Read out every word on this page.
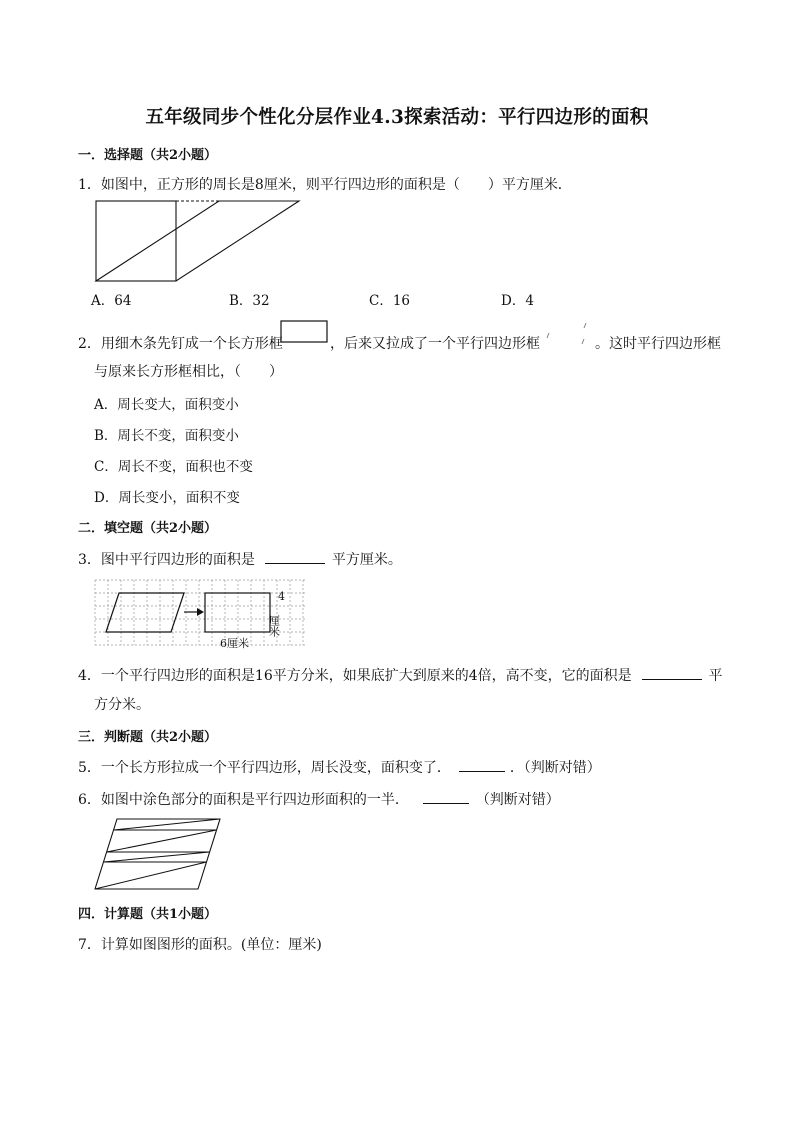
五年级同步个性化分层作业4.3探索活动：平行四边形的面积
一．选择题（共2小题）
1．如图中，正方形的周长是8厘米，则平行四边形的面积是（　　）平方厘米．
A．64	B．32	C．16	D．4
2．用细木条先钉成一个长方形框	，后来又拉成了一个平行四边形框	。这时平行四边形框
与原来长方形框相比，（　　）
A．周长变大，面积变小
B．周长不变，面积变小
C．周长不变，面积也不变
D．周长变小，面积不变
二．填空题（共2小题）
3．图中平行四边形的面积是	平方厘米。
4
厘米
6厘米
4．一个平行四边形的面积是16平方分米，如果底扩大到原来的4倍，高不变，它的面积是	平
方分米。
三．判断题（共2小题）
5．一个长方形拉成一个平行四边形，周长没变，面积变了．	．（判断对错）
6．如图中涂色部分的面积是平行四边形面积的一半．	（判断对错）
四．计算题（共1小题）
7．计算如图图形的面积。(单位：厘米)
